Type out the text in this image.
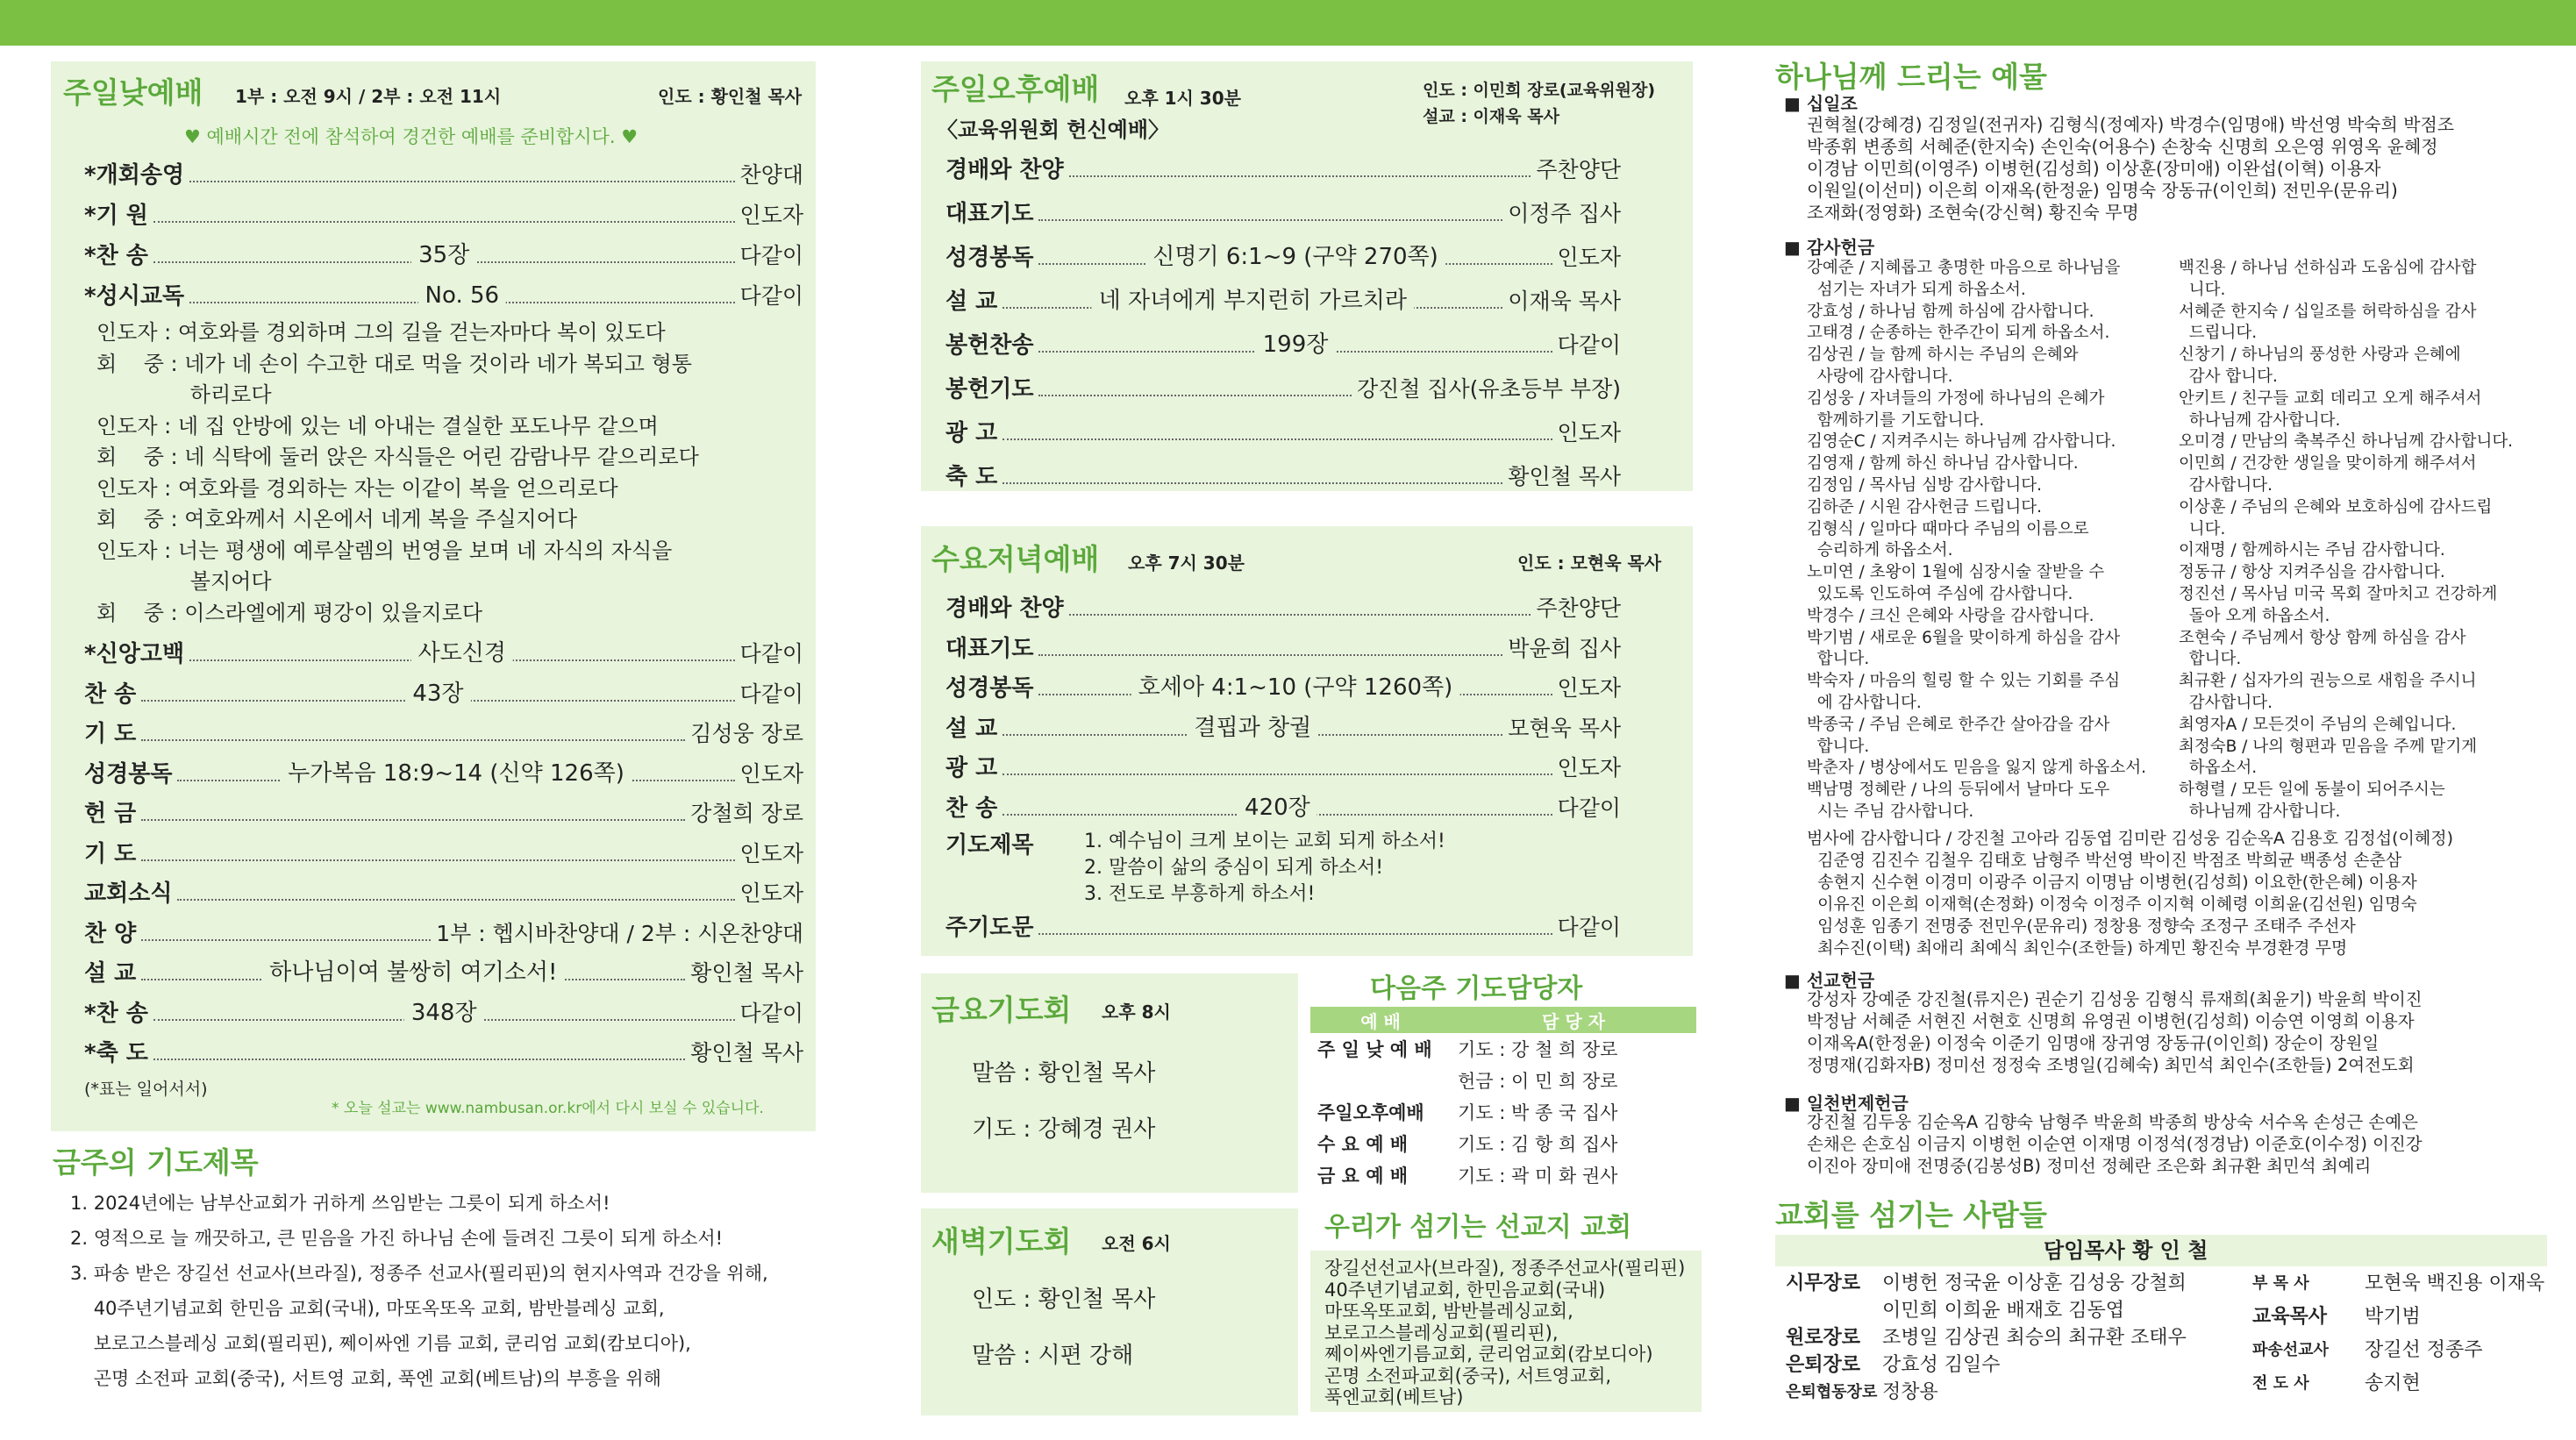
주일낮예배 1부 : 오전 9시 / 2부 : 오전 11시	인도 : 황인철 목사
♥ 예배시간 전에 참석하여 경건한 예배를 준비합시다. ♥
*개회송영	찬양대
*기 원	인도자
*찬 송	35장	다같이
*성시교독	No. 56	다같이
인도자 : 여호와를 경외하며 그의 길을 걷는자마다 복이 있도다
회    중 : 네가 네 손이 수고한 대로 먹을 것이라 네가 복되고 형통
하리로다
인도자 : 네 집 안방에 있는 네 아내는 결실한 포도나무 같으며
회    중 : 네 식탁에 둘러 앉은 자식들은 어린 감람나무 같으리로다
인도자 : 여호와를 경외하는 자는 이같이 복을 얻으리로다
회    중 : 여호와께서 시온에서 네게 복을 주실지어다
인도자 : 너는 평생에 예루살렘의 번영을 보며 네 자식의 자식을
볼지어다
회    중 : 이스라엘에게 평강이 있을지로다
*신앙고백	사도신경	다같이
찬 송	43장	다같이
기 도	김성웅 장로
성경봉독	누가복음 18:9~14 (신약 126쪽)	인도자
헌 금	강철희 장로
기 도	인도자
교회소식	인도자
찬 양	1부 : 헵시바찬양대 / 2부 : 시온찬양대
설 교	하나님이여 불쌍히 여기소서!	황인철 목사
*찬 송	348장	다같이
*축 도	황인철 목사
(*표는 일어서서)
* 오늘 설교는 www.nambusan.or.kr에서 다시 보실 수 있습니다.
금주의 기도제목
1. 2024년에는 남부산교회가 귀하게 쓰임받는 그릇이 되게 하소서!
2. 영적으로 늘 깨끗하고, 큰 믿음을 가진 하나님 손에 들려진 그릇이 되게 하소서!
3. 파송 받은 장길선 선교사(브라질), 정종주 선교사(필리핀)의 현지사역과 건강을 위해,
40주년기념교회 한민음 교회(국내), 마또옥또옥 교회, 밤반블레싱 교회,
보로고스블레싱 교회(필리핀), 쩨이싸엔 기름 교회, 쿤리엄 교회(캄보디아),
곤명 소전파 교회(중국), 서트영 교회, 푹엔 교회(베트남)의 부흥을 위해
주일오후예배 오후 1시 30분	인도 : 이민희 장로(교육위원장)
설교 : 이재욱 목사
〈교육위원회 헌신예배〉
경배와 찬양	주찬양단
대표기도	이정주 집사
성경봉독	신명기 6:1~9 (구약 270쪽)	인도자
설 교	네 자녀에게 부지런히 가르치라	이재욱 목사
봉헌찬송	199장	다같이
봉헌기도	강진철 집사(유초등부 부장)
광 고	인도자
축 도	황인철 목사
수요저녁예배 오후 7시 30분	인도 : 모현욱 목사
경배와 찬양	주찬양단
대표기도	박윤희 집사
성경봉독	호세아 4:1~10 (구약 1260쪽)	인도자
설 교	결핍과 창궐	모현욱 목사
광 고	인도자
찬 송	420장	다같이
기도제목	1. 예수님이 크게 보이는 교회 되게 하소서!
2. 말씀이 삶의 중심이 되게 하소서!
3. 전도로 부흥하게 하소서!
주기도문	다같이
금요기도회 오후 8시
말씀 : 황인철 목사
기도 : 강혜경 권사
새벽기도회 오전 6시
인도 : 황인철 목사
말씀 : 시편 강해
다음주 기도담당자
예 배	담 당 자
주 일 낮 예 배	기도 : 강 철 희 장로
	헌금 : 이 민 희 장로
주일오후예배	기도 : 박 종 국 집사
수 요 예 배	기도 : 김 항 희 집사
금 요 예 배	기도 : 곽 미 화 권사
우리가 섬기는 선교지 교회
장길선선교사(브라질), 정종주선교사(필리핀)
40주년기념교회, 한민음교회(국내)
마또옥또교회, 밤반블레싱교회,
보로고스블레싱교회(필리핀),
쩨이싸엔기름교회, 쿤리엄교회(캄보디아)
곤명 소전파교회(중국), 서트영교회,
푹엔교회(베트남)
하나님께 드리는 예물
■ 십일조
권혁철(강혜경) 김정일(전귀자) 김형식(정예자) 박경수(임명애) 박선영 박숙희 박점조
박종휘 변종희 서혜준(한지숙) 손인숙(어용수) 손창숙 신명희 오은영 위영옥 윤혜정
이경남 이민희(이영주) 이병헌(김성희) 이상훈(장미애) 이완섭(이혁) 이용자
이원일(이선미) 이은희 이재옥(한정윤) 임명숙 장동규(이인희) 전민우(문유리)
조재화(정영화) 조현숙(강신혁) 황진숙 무명
■ 감사헌금
강예준 / 지혜롭고 총명한 마음으로 하나님을
섬기는 자녀가 되게 하옵소서.
강효성 / 하나님 함께 하심에 감사합니다.
고태경 / 순종하는 한주간이 되게 하옵소서.
김상권 / 늘 함께 하시는 주님의 은혜와
사랑에 감사합니다.
김성웅 / 자녀들의 가정에 하나님의 은혜가
함께하기를 기도합니다.
김영순C / 지켜주시는 하나님께 감사합니다.
김영재 / 함께 하신 하나님 감사합니다.
김정임 / 목사님 심방 감사합니다.
김하준 / 시원 감사헌금 드립니다.
김형식 / 일마다 때마다 주님의 이름으로
승리하게 하옵소서.
노미연 / 초왕이 1월에 심장시술 잘받을 수
있도록 인도하여 주심에 감사합니다.
박경수 / 크신 은혜와 사랑을 감사합니다.
박기범 / 새로운 6월을 맞이하게 하심을 감사
합니다.
박숙자 / 마음의 힐링 할 수 있는 기회를 주심
에 감사합니다.
박종국 / 주님 은혜로 한주간 살아감을 감사
합니다.
박춘자 / 병상에서도 믿음을 잃지 않게 하옵소서.
백남명 정혜란 / 나의 등뒤에서 날마다 도우
시는 주님 감사합니다.
백진용 / 하나님 선하심과 도움심에 감사합
니다.
서혜준 한지숙 / 십일조를 허락하심을 감사
드립니다.
신창기 / 하나님의 풍성한 사랑과 은혜에
감사 합니다.
안키트 / 친구들 교회 데리고 오게 해주셔서
하나님께 감사합니다.
오미경 / 만남의 축복주신 하나님께 감사합니다.
이민희 / 건강한 생일을 맞이하게 해주셔서
감사합니다.
이상훈 / 주님의 은혜와 보호하심에 감사드립
니다.
이재명 / 함께하시는 주님 감사합니다.
정동규 / 항상 지켜주심을 감사합니다.
정진선 / 목사님 미국 목회 잘마치고 건강하게
돌아 오게 하옵소서.
조현숙 / 주님께서 항상 함께 하심을 감사
합니다.
최규환 / 십자가의 권능으로 새힘을 주시니
감사합니다.
최영자A / 모든것이 주님의 은혜입니다.
최정숙B / 나의 형편과 믿음을 주께 맡기게
하옵소서.
하형렬 / 모든 일에 동불이 되어주시는
하나님께 감사합니다.
범사에 감사합니다 / 강진철 고아라 김동엽 김미란 김성웅 김순옥A 김용호 김정섭(이혜정)
김준영 김진수 김철우 김태호 남형주 박선영 박이진 박점조 박희균 백종성 손춘삼
송현지 신수현 이경미 이광주 이금지 이명남 이병헌(김성희) 이요한(한은혜) 이용자
이유진 이은희 이재혁(손정화) 이정숙 이정주 이지혁 이혜령 이희윤(김선원) 임명숙
임성훈 임종기 전명중 전민우(문유리) 정창용 정향숙 조정구 조태주 주선자
최수진(이택) 최애리 최예식 최인수(조한들) 하계민 황진숙 부경환경 무명
■ 선교헌금
강성자 강예준 강진철(류지은) 권순기 김성웅 김형식 류재희(최윤기) 박윤희 박이진
박정남 서혜준 서현진 서현호 신명희 유영권 이병헌(김성희) 이승연 이영희 이용자
이재옥A(한정윤) 이정숙 이준기 임명애 장귀영 장동규(이인희) 장순이 장원일
정명재(김화자B) 정미선 정정숙 조병일(김혜숙) 최민석 최인수(조한들) 2여전도회
■ 일천번제헌금
강진철 김두웅 김순옥A 김향숙 남형주 박윤희 박종희 방상숙 서수옥 손성근 손예은
손채은 손호심 이금지 이병헌 이순연 이재명 이정석(정경남) 이준호(이수정) 이진강
이진아 장미애 전명중(김봉성B) 정미선 정혜란 조은화 최규환 최민석 최예리
교회를 섬기는 사람들
담임목사 황 인 철
시무장로 이병헌 정국윤 이상훈 김성웅 강철희
이민희 이희윤 배재호 김동엽
원로장로 조병일 김상권 최승의 최규환 조태우
은퇴장로 강효성 김일수
은퇴협동장로 정창용
부 목 사	모현욱 백진용 이재욱
교육목사 박기범
파송선교사 장길선 정종주
전 도 사	송지현
